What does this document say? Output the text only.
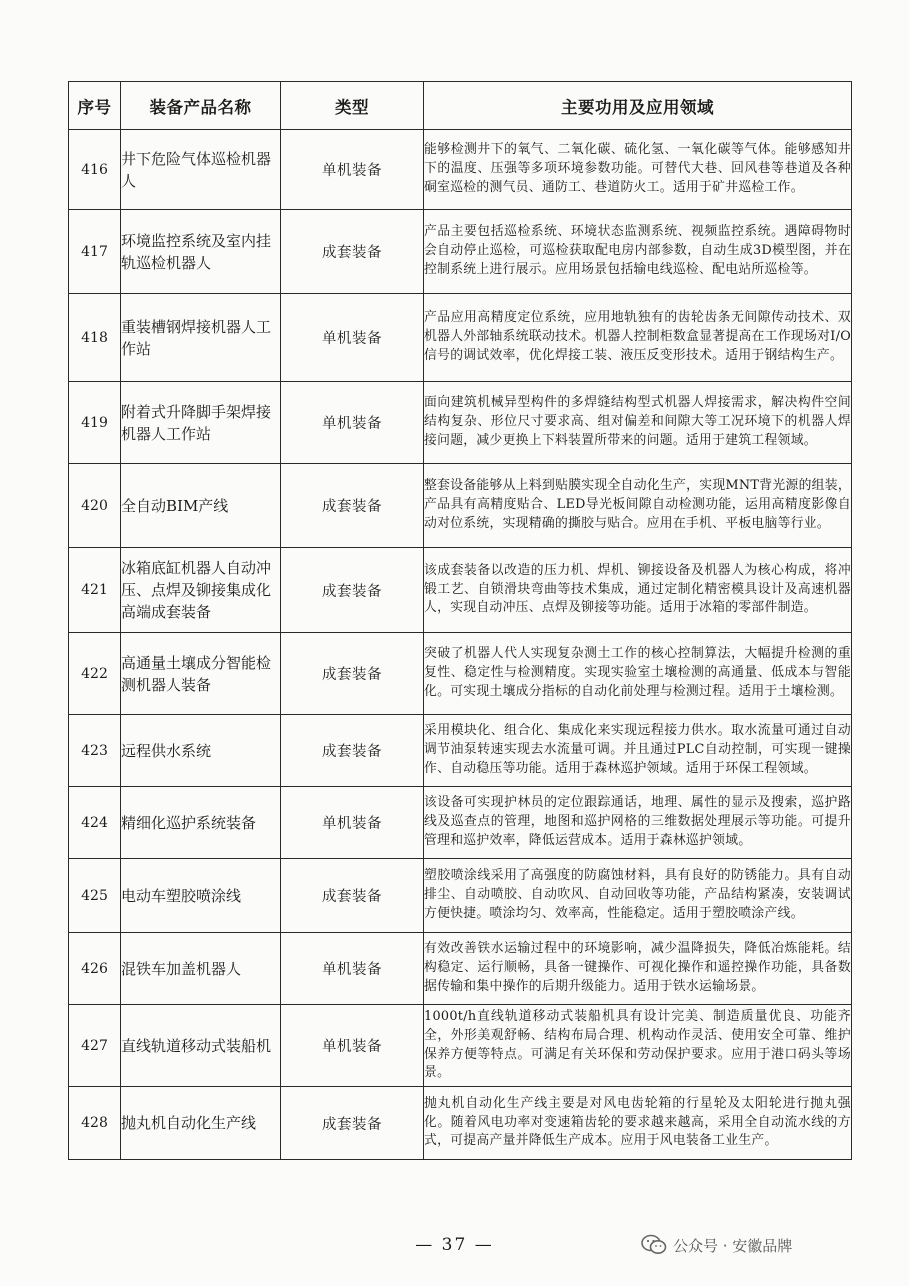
序号	装备产品名称	类型	主要功用及应用领域
416	井下危险气体巡检机器人	单机装备	能够检测井下的氧气、二氧化碳、硫化氢、一氧化碳等气体。能够感知井下的温度、压强等多项环境参数功能。可替代大巷、回风巷等巷道及各种硐室巡检的测气员、通防工、巷道防火工。适用于矿井巡检工作。
417	环境监控系统及室内挂轨巡检机器人	成套装备	产品主要包括巡检系统、环境状态监测系统、视频监控系统。遇障碍物时会自动停止巡检，可巡检获取配电房内部参数，自动生成3D模型图，并在控制系统上进行展示。应用场景包括输电线巡检、配电站所巡检等。
418	重装槽钢焊接机器人工作站	单机装备	产品应用高精度定位系统，应用地轨独有的齿轮齿条无间隙传动技术、双机器人外部轴系统联动技术。机器人控制柜数盒显著提高在工作现场对I/O信号的调试效率，优化焊接工装、液压反变形技术。适用于钢结构生产。
419	附着式升降脚手架焊接机器人工作站	单机装备	面向建筑机械异型构件的多焊缝结构型式机器人焊接需求，解决构件空间结构复杂、形位尺寸要求高、组对偏差和间隙大等工况环境下的机器人焊接问题，减少更换上下料装置所带来的问题。适用于建筑工程领域。
420	全自动BIM产线	成套装备	整套设备能够从上料到贴膜实现全自动化生产，实现MNT背光源的组装，产品具有高精度贴合、LED导光板间隙自动检测功能，运用高精度影像自动对位系统，实现精确的撕胶与贴合。应用在手机、平板电脑等行业。
421	冰箱底缸机器人自动冲压、点焊及铆接集成化高端成套装备	成套装备	该成套装备以改造的压力机、焊机、铆接设备及机器人为核心构成，将冲锻工艺、自锁滑块弯曲等技术集成，通过定制化精密模具设计及高速机器人，实现自动冲压、点焊及铆接等功能。适用于冰箱的零部件制造。
422	高通量土壤成分智能检测机器人装备	成套装备	突破了机器人代人实现复杂测土工作的核心控制算法，大幅提升检测的重复性、稳定性与检测精度。实现实验室土壤检测的高通量、低成本与智能化。可实现土壤成分指标的自动化前处理与检测过程。适用于土壤检测。
423	远程供水系统	成套装备	采用模块化、组合化、集成化来实现远程接力供水。取水流量可通过自动调节油泵转速实现去水流量可调。并且通过PLC自动控制，可实现一键操作、自动稳压等功能。适用于森林巡护领域。适用于环保工程领域。
424	精细化巡护系统装备	单机装备	该设备可实现护林员的定位跟踪通话，地理、属性的显示及搜索，巡护路线及巡查点的管理，地图和巡护网格的三维数据处理展示等功能。可提升管理和巡护效率，降低运营成本。适用于森林巡护领域。
425	电动车塑胶喷涂线	成套装备	塑胶喷涂线采用了高强度的防腐蚀材料，具有良好的防锈能力。具有自动排尘、自动喷胶、自动吹风、自动回收等功能，产品结构紧凑，安装调试方便快捷。喷涂均匀、效率高，性能稳定。适用于塑胶喷涂产线。
426	混铁车加盖机器人	单机装备	有效改善铁水运输过程中的环境影响，减少温降损失，降低冶炼能耗。结构稳定、运行顺畅，具备一键操作、可视化操作和遥控操作功能，具备数据传输和集中操作的后期升级能力。适用于铁水运输场景。
427	直线轨道移动式装船机	单机装备	1000t/h直线轨道移动式装船机具有设计完美、制造质量优良、功能齐全，外形美观舒畅、结构布局合理、机构动作灵活、使用安全可靠、维护保养方便等特点。可满足有关环保和劳动保护要求。应用于港口码头等场景。
428	抛丸机自动化生产线	成套装备	抛丸机自动化生产线主要是对风电齿轮箱的行星轮及太阳轮进行抛丸强化。随着风电功率对变速箱齿轮的要求越来越高，采用全自动流水线的方式，可提高产量并降低生产成本。应用于风电装备工业生产。
— 37 —	公众号 · 安徽品牌
